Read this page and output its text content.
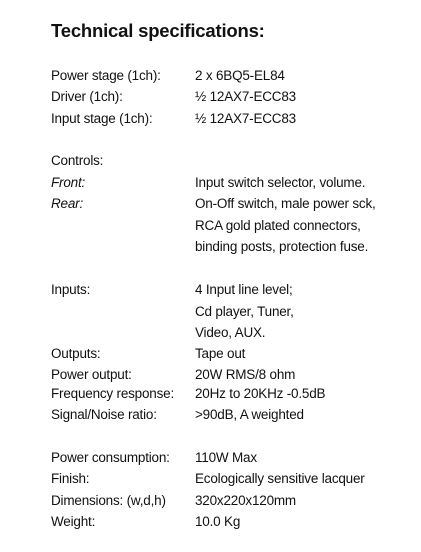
Technical specifications:
Power stage (1ch):	2 x 6BQ5-EL84
Driver (1ch):	½ 12AX7-ECC83
Input stage (1ch):	½ 12AX7-ECC83
Controls:
Front:	Input switch selector, volume.
Rear:	On-Off switch, male power sck,
RCA gold plated connectors,
binding posts, protection fuse.
Inputs:	4 Input line level;
Cd player, Tuner,
Video, AUX.
Outputs:	Tape out
Power output:	20W RMS/8 ohm
Frequency response: 20Hz to 20KHz -0.5dB
Signal/Noise ratio:	>90dB, A weighted
Power consumption: 110W Max
Finish:	Ecologically sensitive lacquer
Dimensions: (w,d,h) 320x220x120mm
Weight:	10.0 Kg
